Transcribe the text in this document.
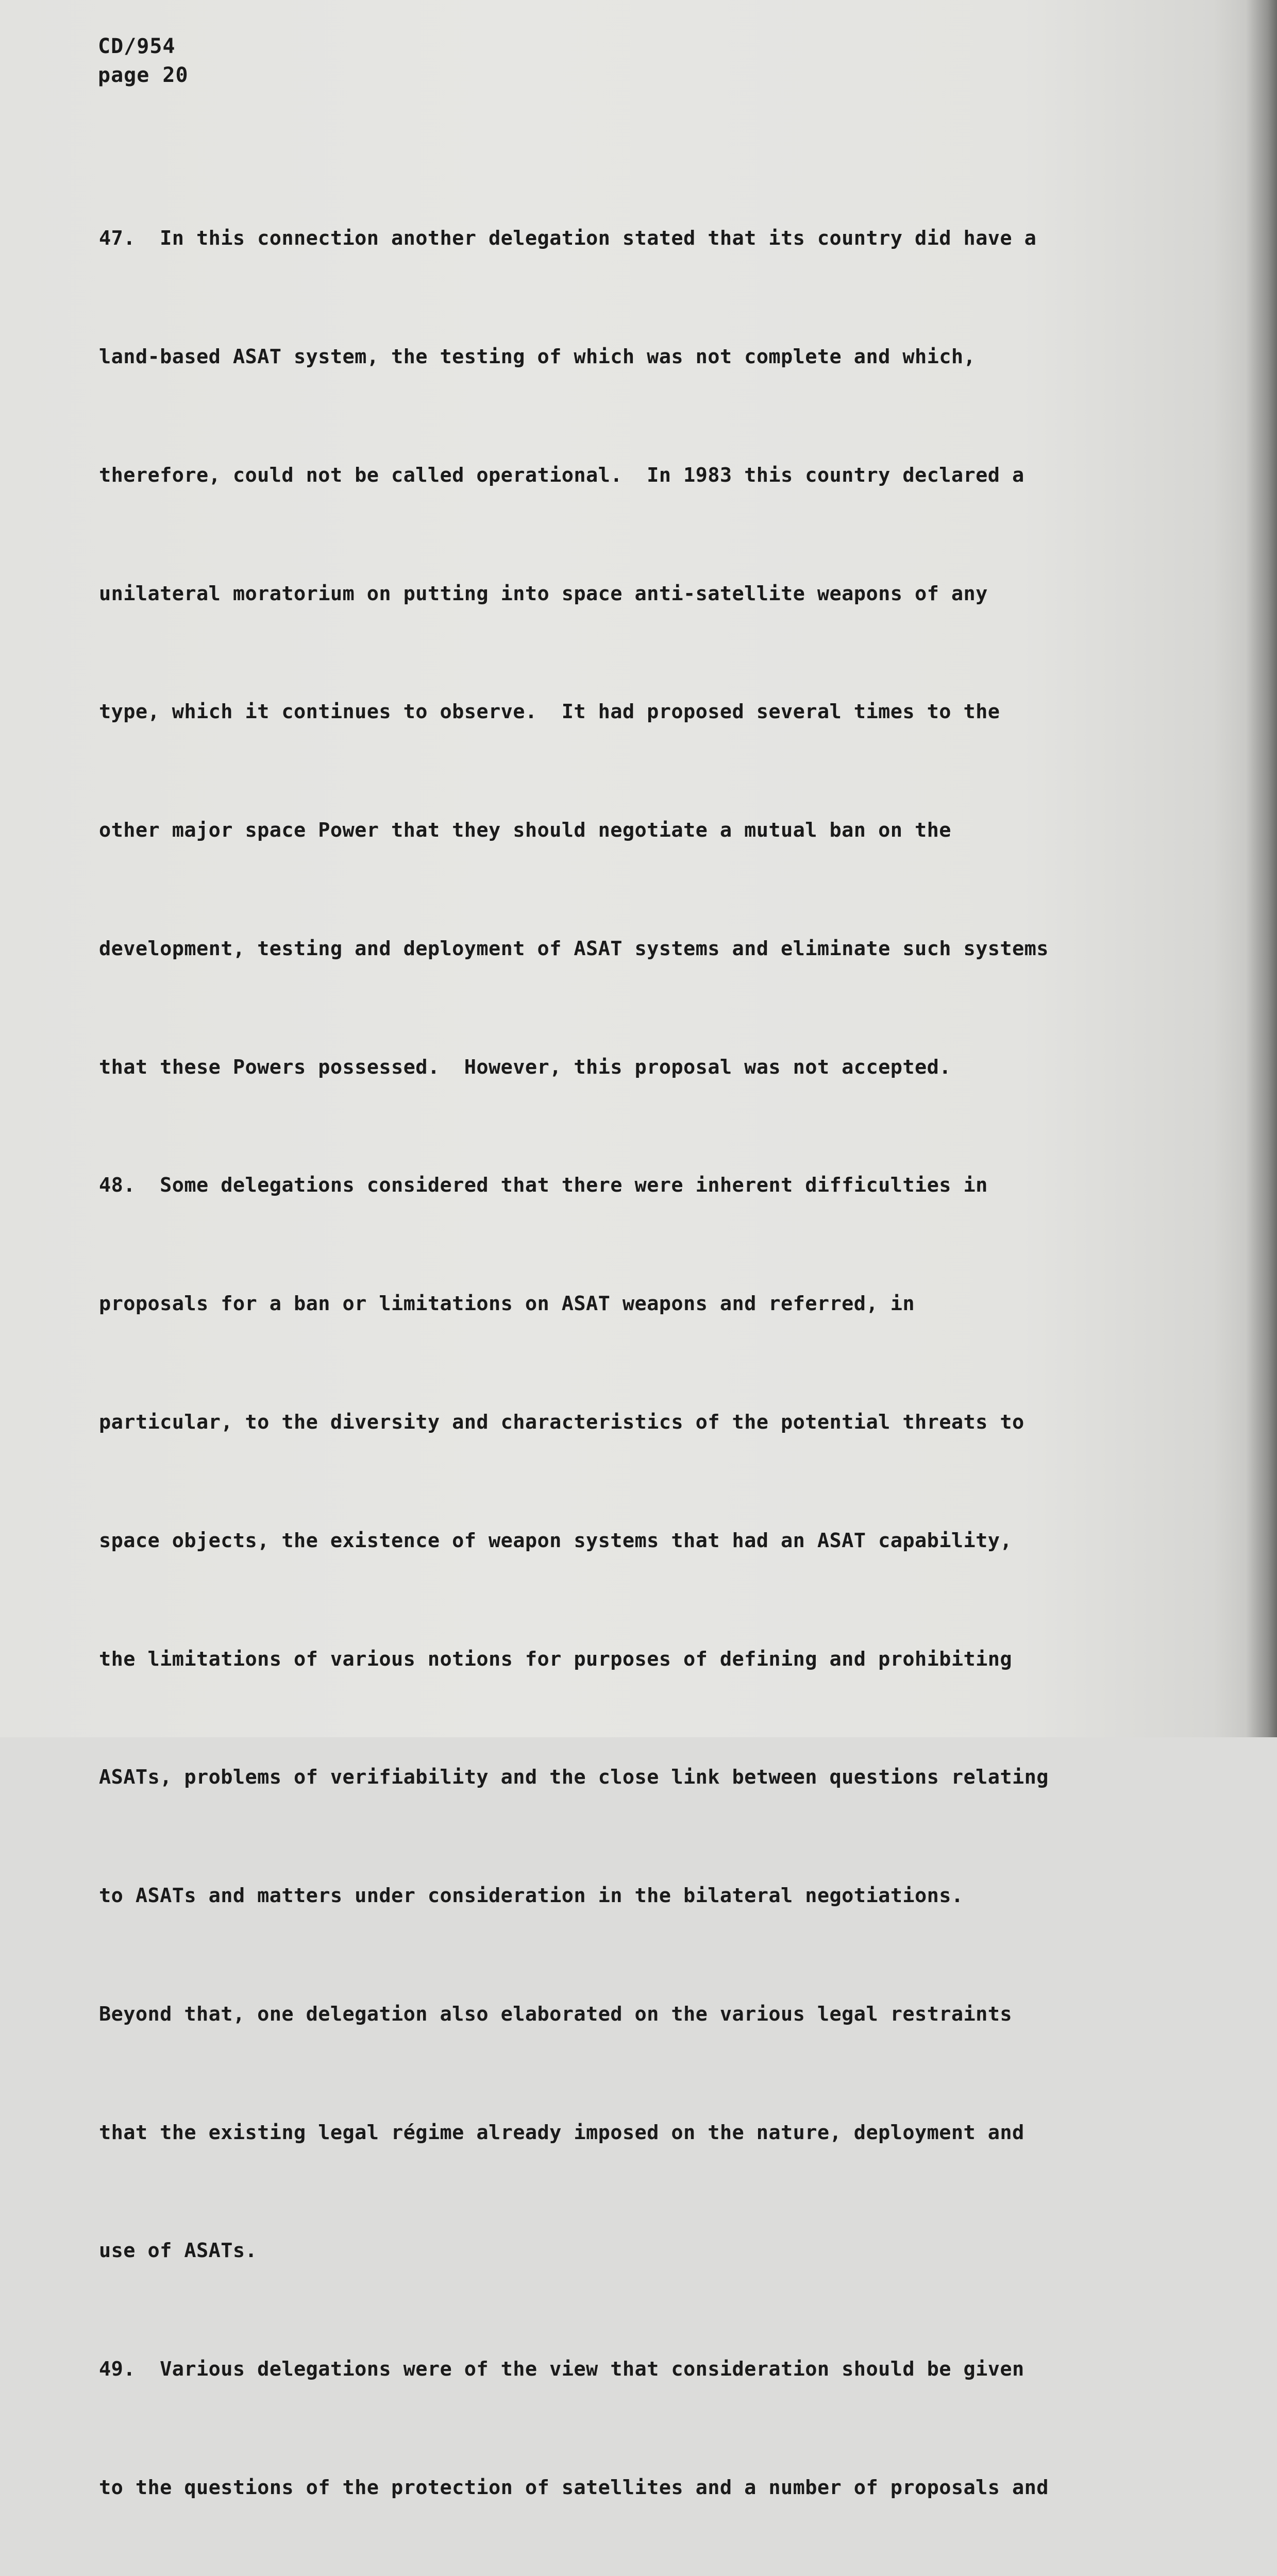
CD/954
page 20

47.  In this connection another delegation stated that its country did have a

land-based ASAT system, the testing of which was not complete and which,

therefore, could not be called operational.  In 1983 this country declared a

unilateral moratorium on putting into space anti-satellite weapons of any

type, which it continues to observe.  It had proposed several times to the

other major space Power that they should negotiate a mutual ban on the

development, testing and deployment of ASAT systems and eliminate such systems

that these Powers possessed.  However, this proposal was not accepted.

48.  Some delegations considered that there were inherent difficulties in

proposals for a ban or limitations on ASAT weapons and referred, in

particular, to the diversity and characteristics of the potential threats to

space objects, the existence of weapon systems that had an ASAT capability,

the limitations of various notions for purposes of defining and prohibiting

ASATs, problems of verifiability and the close link between questions relating

to ASATs and matters under consideration in the bilateral negotiations.

Beyond that, one delegation also elaborated on the various legal restraints

that the existing legal régime already imposed on the nature, deployment and

use of ASATs.

49.  Various delegations were of the view that consideration should be given

to the questions of the protection of satellites and a number of proposals and
